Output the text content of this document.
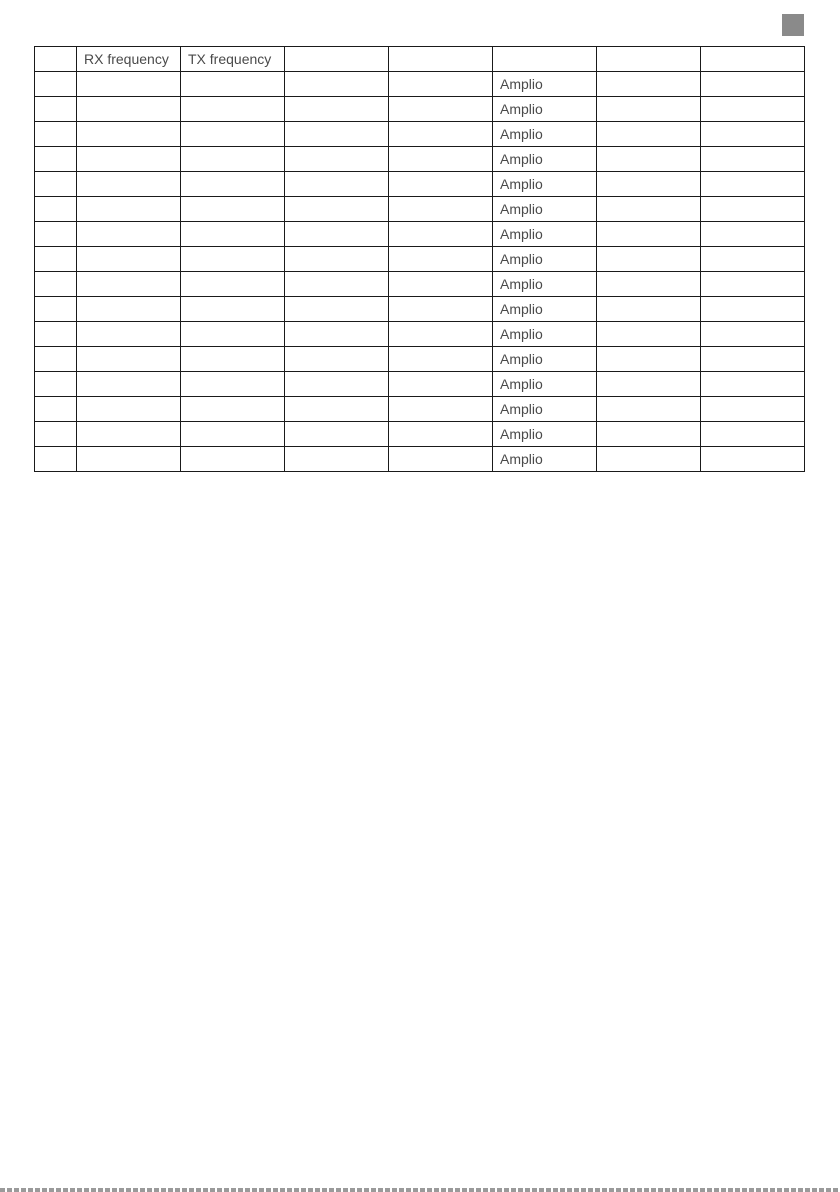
	RX frequency	TX frequency					
					Amplio		
					Amplio		
					Amplio		
					Amplio		
					Amplio		
					Amplio		
					Amplio		
					Amplio		
					Amplio		
					Amplio		
					Amplio		
					Amplio		
					Amplio		
					Amplio		
					Amplio		
					Amplio		
